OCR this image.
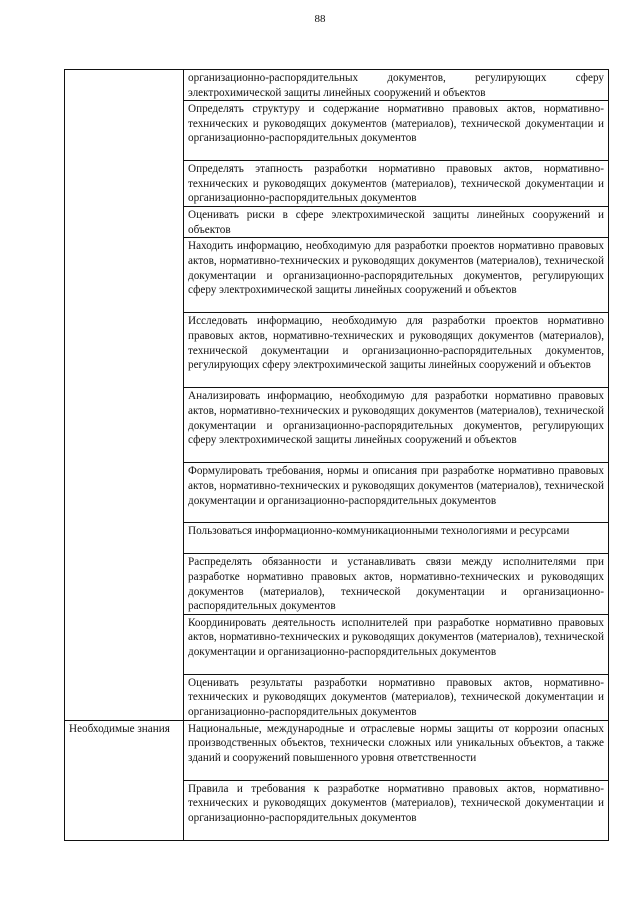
88

	организационно-распорядительных документов, регулирующих сферу электрохимической защиты линейных сооружений и объектов

	Определять структуру и содержание нормативно правовых актов, нормативно-технических и руководящих документов (материалов), технической документации и организационно-распорядительных документов

	Определять этапность разработки нормативно правовых актов, нормативно-технических и руководящих документов (материалов), технической документации и организационно-распорядительных документов

	Оценивать риски в сфере электрохимической защиты линейных сооружений и объектов

	Находить информацию, необходимую для разработки проектов нормативно правовых актов, нормативно-технических и руководящих документов (материалов), технической документации и организационно-распорядительных документов, регулирующих сферу электрохимической защиты линейных сооружений и объектов

	Исследовать информацию, необходимую для разработки проектов нормативно правовых актов, нормативно-технических и руководящих документов (материалов), технической документации и организационно-распорядительных документов, регулирующих сферу электрохимической защиты линейных сооружений и объектов

	Анализировать информацию, необходимую для разработки нормативно правовых актов, нормативно-технических и руководящих документов (материалов), технической документации и организационно-распорядительных документов, регулирующих сферу электрохимической защиты линейных сооружений и объектов

	Формулировать требования, нормы и описания при разработке нормативно правовых актов, нормативно-технических и руководящих документов (материалов), технической документации и организационно-распорядительных документов

	Пользоваться информационно-коммуникационными технологиями и ресурсами

	Распределять обязанности и устанавливать связи между исполнителями при разработке нормативно правовых актов, нормативно-технических и руководящих документов (материалов), технической документации и организационно-распорядительных документов

	Координировать деятельность исполнителей при разработке нормативно правовых актов, нормативно-технических и руководящих документов (материалов), технической документации и организационно-распорядительных документов

	Оценивать результаты разработки нормативно правовых актов, нормативно-технических и руководящих документов (материалов), технической документации и организационно-распорядительных документов

Необходимые знания	Национальные, международные и отраслевые нормы защиты от коррозии опасных производственных объектов, технически сложных или уникальных объектов, а также зданий и сооружений повышенного уровня ответственности

	Правила и требования к разработке нормативно правовых актов, нормативно-технических и руководящих документов (материалов), технической документации и организационно-распорядительных документов
